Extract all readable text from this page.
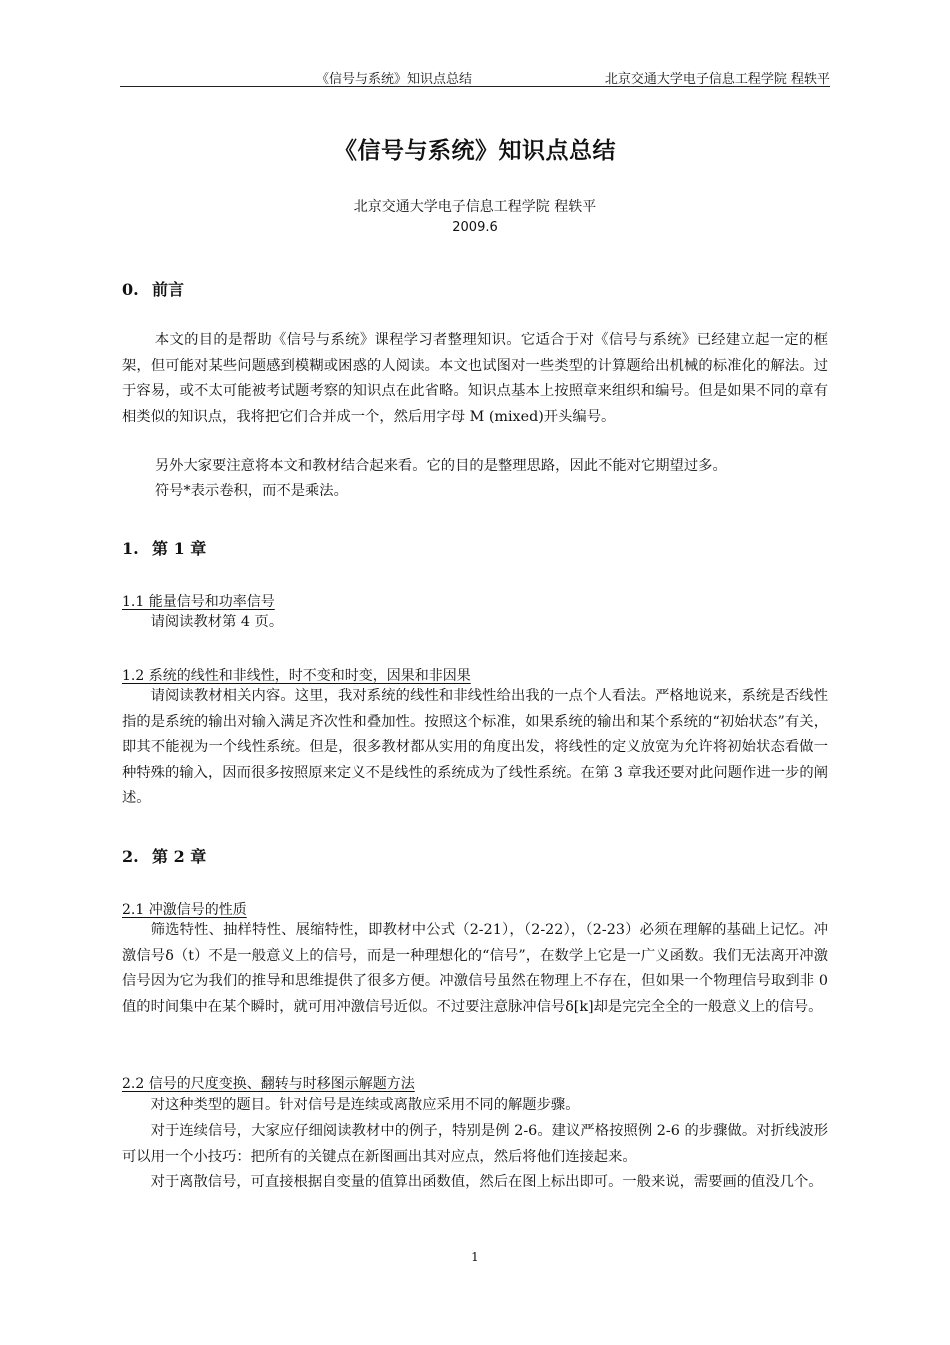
《信号与系统》知识点总结	北京交通大学电子信息工程学院 程轶平
《信号与系统》知识点总结
北京交通大学电子信息工程学院 程轶平
2009.6
0. 前言

本文的目的是帮助《信号与系统》课程学习者整理知识。它适合于对《信号与系统》已经建立起一定的框架，但可能对某些问题感到模糊或困惑的人阅读。本文也试图对一些类型的计算题给出机械的标准化的解法。过于容易，或不太可能被考试题考察的知识点在此省略。知识点基本上按照章来组织和编号。但是如果不同的章有相类似的知识点，我将把它们合并成一个，然后用字母 M (mixed)开头编号。

另外大家要注意将本文和教材结合起来看。它的目的是整理思路，因此不能对它期望过多。

符号*表示卷积，而不是乘法。

1. 第 1 章
1.1 能量信号和功率信号

请阅读教材第 4 页。

1.2 系统的线性和非线性，时不变和时变，因果和非因果

请阅读教材相关内容。这里，我对系统的线性和非线性给出我的一点个人看法。严格地说来，系统是否线性指的是系统的输出对输入满足齐次性和叠加性。按照这个标准，如果系统的输出和某个系统的“初始状态”有关，即其不能视为一个线性系统。但是，很多教材都从实用的角度出发，将线性的定义放宽为允许将初始状态看做一种特殊的输入，因而很多按照原来定义不是线性的系统成为了线性系统。在第 3 章我还要对此问题作进一步的阐述。

2. 第 2 章
2.1 冲激信号的性质

筛选特性、抽样特性、展缩特性，即教材中公式（2-21），（2-22），（2-23）必须在理解的基础上记忆。冲激信号δ（t）不是一般意义上的信号，而是一种理想化的“信号”，在数学上它是一广义函数。我们无法离开冲激信号因为它为我们的推导和思维提供了很多方便。冲激信号虽然在物理上不存在，但如果一个物理信号取到非 0 值的时间集中在某个瞬时，就可用冲激信号近似。不过要注意脉冲信号δ[k]却是完完全全的一般意义上的信号。

2.2 信号的尺度变换、翻转与时移图示解题方法

对这种类型的题目。针对信号是连续或离散应采用不同的解题步骤。

对于连续信号，大家应仔细阅读教材中的例子，特别是例 2-6。建议严格按照例 2-6 的步骤做。对折线波形可以用一个小技巧：把所有的关键点在新图画出其对应点，然后将他们连接起来。

对于离散信号，可直接根据自变量的值算出函数值，然后在图上标出即可。一般来说，需要画的值没几个。

1
